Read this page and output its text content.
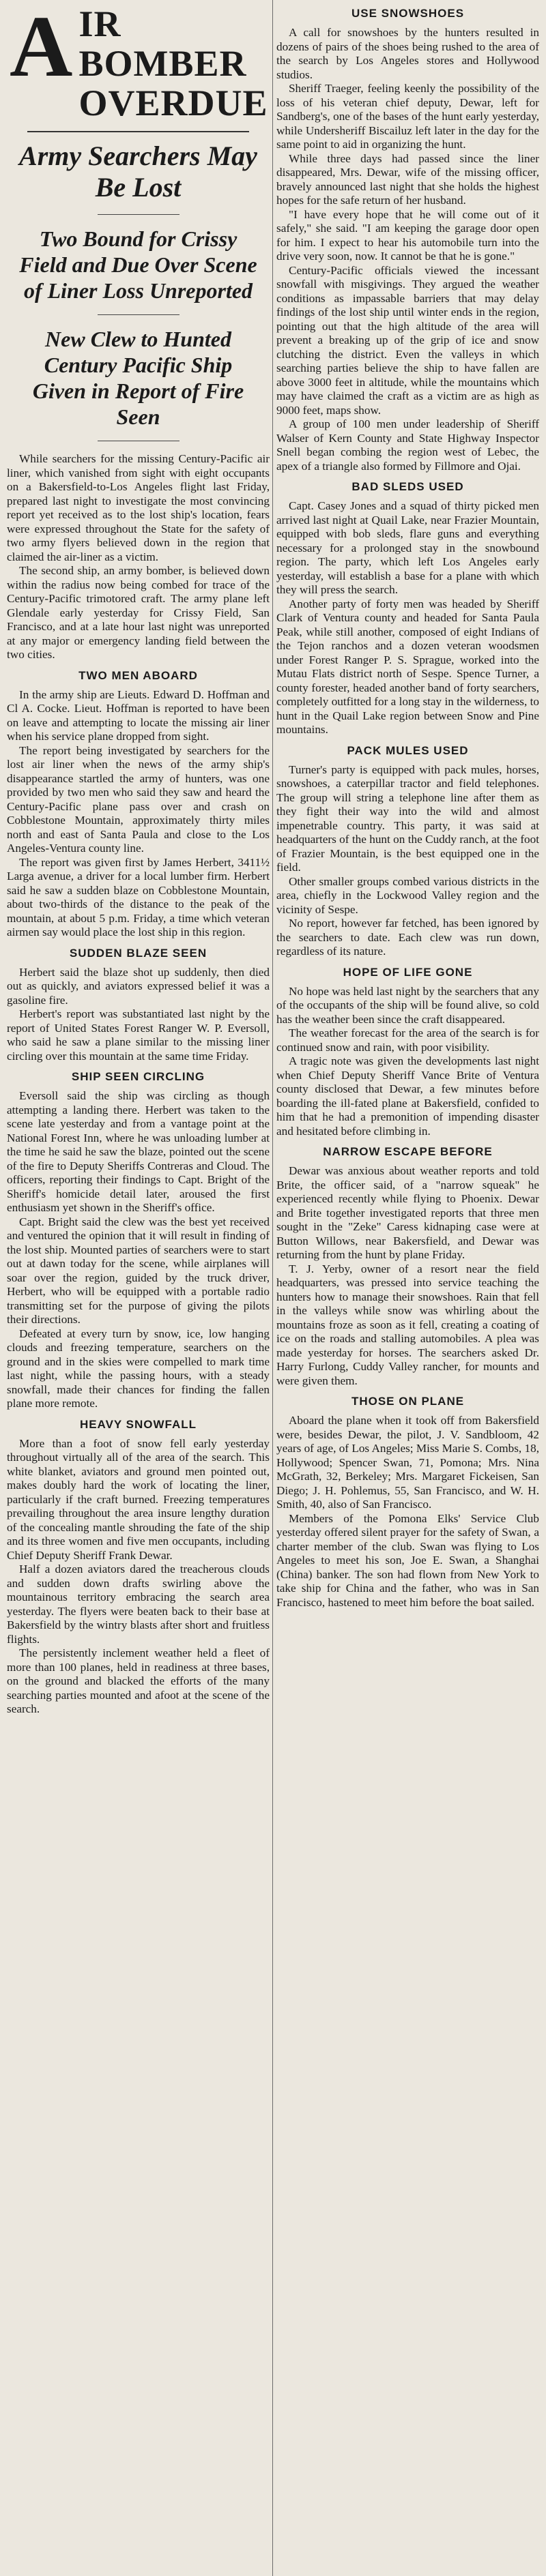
A IR BOMBER
OVERDUE
Army Searchers May Be Lost
Two Bound for Crissy Field and Due Over Scene of Liner Loss Unreported
New Clew to Hunted Century Pacific Ship Given in Report of Fire Seen

While searchers for the missing Century-Pacific air liner, which vanished from sight with eight occupants on a Bakersfield-to-Los Angeles flight last Friday, prepared last night to investigate the most convincing report yet received as to the lost ship's location, fears were expressed throughout the State for the safety of two army flyers believed down in the region that claimed the air-liner as a victim.

The second ship, an army bomber, is believed down within the radius now being combed for trace of the Century-Pacific trimotored craft. The army plane left Glendale early yesterday for Crissy Field, San Francisco, and at a late hour last night was unreported at any major or emergency landing field between the two cities.

TWO MEN ABOARD

In the army ship are Lieuts. Edward D. Hoffman and Cl A. Cocke. Lieut. Hoffman is reported to have been on leave and attempting to locate the missing air liner when his service plane dropped from sight.

The report being investigated by searchers for the lost air liner when the news of the army ship's disappearance startled the army of hunters, was one provided by two men who said they saw and heard the Century-Pacific plane pass over and crash on Cobblestone Mountain, approximately thirty miles north and east of Santa Paula and close to the Los Angeles-Ventura county line.

The report was given first by James Herbert, 3411½ Larga avenue, a driver for a local lumber firm. Herbert said he saw a sudden blaze on Cobblestone Mountain, about two-thirds of the distance to the peak of the mountain, at about 5 p.m. Friday, a time which veteran airmen say would place the lost ship in this region.

SUDDEN BLAZE SEEN

Herbert said the blaze shot up suddenly, then died out as quickly, and aviators expressed belief it was a gasoline fire.

Herbert's report was substantiated last night by the report of United States Forest Ranger W. P. Eversoll, who said he saw a plane similar to the missing liner circling over this mountain at the same time Friday.

SHIP SEEN CIRCLING

Eversoll said the ship was circling as though attempting a landing there. Herbert was taken to the scene late yesterday and from a vantage point at the National Forest Inn, where he was unloading lumber at the time he said he saw the blaze, pointed out the scene of the fire to Deputy Sheriffs Contreras and Cloud. The officers, reporting their findings to Capt. Bright of the Sheriff's homicide detail later, aroused the first enthusiasm yet shown in the Sheriff's office.

Capt. Bright said the clew was the best yet received and ventured the opinion that it will result in finding of the lost ship. Mounted parties of searchers were to start out at dawn today for the scene, while airplanes will soar over the region, guided by the truck driver, Herbert, who will be equipped with a portable radio transmitting set for the purpose of giving the pilots their directions.

Defeated at every turn by snow, ice, low hanging clouds and freezing temperature, searchers on the ground and in the skies were compelled to mark time last night, while the passing hours, with a steady snowfall, made their chances for finding the fallen plane more remote.

HEAVY SNOWFALL

More than a foot of snow fell early yesterday throughout virtually all of the area of the search. This white blanket, aviators and ground men pointed out, makes doubly hard the work of locating the liner, particularly if the craft burned. Freezing temperatures prevailing throughout the area insure lengthy duration of the concealing mantle shrouding the fate of the ship and its three women and five men occupants, including Chief Deputy Sheriff Frank Dewar.

Half a dozen aviators dared the treacherous clouds and sudden down drafts swirling above the mountainous territory embracing the search area yesterday. The flyers were beaten back to their base at Bakersfield by the wintry blasts after short and fruitless flights.

The persistently inclement weather held a fleet of more than 100 planes, held in readiness at three bases, on the ground and blacked the efforts of the many searching parties mounted and afoot at the scene of the search.

USE SNOWSHOES

A call for snowshoes by the hunters resulted in dozens of pairs of the shoes being rushed to the area of the search by Los Angeles stores and Hollywood studios.

Sheriff Traeger, feeling keenly the possibility of the loss of his veteran chief deputy, Dewar, left for Sandberg's, one of the bases of the hunt early yesterday, while Undersheriff Biscailuz left later in the day for the same point to aid in organizing the hunt.

While three days had passed since the liner disappeared, Mrs. Dewar, wife of the missing officer, bravely announced last night that she holds the highest hopes for the safe return of her husband.

"I have every hope that he will come out of it safely," she said. "I am keeping the garage door open for him. I expect to hear his automobile turn into the drive very soon, now. It cannot be that he is gone."

Century-Pacific officials viewed the incessant snowfall with misgivings. They argued the weather conditions as impassable barriers that may delay findings of the lost ship until winter ends in the region, pointing out that the high altitude of the area will prevent a breaking up of the grip of ice and snow clutching the district. Even the valleys in which searching parties believe the ship to have fallen are above 3000 feet in altitude, while the mountains which may have claimed the craft as a victim are as high as 9000 feet, maps show.

A group of 100 men under leadership of Sheriff Walser of Kern County and State Highway Inspector Snell began combing the region west of Lebec, the apex of a triangle also formed by Fillmore and Ojai.

BAD SLEDS USED

Capt. Casey Jones and a squad of thirty picked men arrived last night at Quail Lake, near Frazier Mountain, equipped with bob sleds, flare guns and everything necessary for a prolonged stay in the snowbound region. The party, which left Los Angeles early yesterday, will establish a base for a plane with which they will press the search.

Another party of forty men was headed by Sheriff Clark of Ventura county and headed for Santa Paula Peak, while still another, composed of eight Indians of the Tejon ranchos and a dozen veteran woodsmen under Forest Ranger P. S. Sprague, worked into the Mutau Flats district north of Sespe. Spence Turner, a county forester, headed another band of forty searchers, completely outfitted for a long stay in the wilderness, to hunt in the Quail Lake region between Snow and Pine mountains.

PACK MULES USED

Turner's party is equipped with pack mules, horses, snowshoes, a caterpillar tractor and field telephones. The group will string a telephone line after them as they fight their way into the wild and almost impenetrable country. This party, it was said at headquarters of the hunt on the Cuddy ranch, at the foot of Frazier Mountain, is the best equipped one in the field.

Other smaller groups combed various districts in the area, chiefly in the Lockwood Valley region and the vicinity of Sespe.

No report, however far fetched, has been ignored by the searchers to date. Each clew was run down, regardless of its nature.

HOPE OF LIFE GONE

No hope was held last night by the searchers that any of the occupants of the ship will be found alive, so cold has the weather been since the craft disappeared.

The weather forecast for the area of the search is for continued snow and rain, with poor visibility.

A tragic note was given the developments last night when Chief Deputy Sheriff Vance Brite of Ventura county disclosed that Dewar, a few minutes before boarding the ill-fated plane at Bakersfield, confided to him that he had a premonition of impending disaster and hesitated before climbing in.

NARROW ESCAPE BEFORE

Dewar was anxious about weather reports and told Brite, the officer said, of a "narrow squeak" he experienced recently while flying to Phoenix. Dewar and Brite together investigated reports that three men sought in the "Zeke" Caress kidnaping case were at Button Willows, near Bakersfield, and Dewar was returning from the hunt by plane Friday.

T. J. Yerby, owner of a resort near the field headquarters, was pressed into service teaching the hunters how to manage their snowshoes. Rain that fell in the valleys while snow was whirling about the mountains froze as soon as it fell, creating a coating of ice on the roads and stalling automobiles. A plea was made yesterday for horses. The searchers asked Dr. Harry Furlong, Cuddy Valley rancher, for mounts and were given them.

THOSE ON PLANE

Aboard the plane when it took off from Bakersfield were, besides Dewar, the pilot, J. V. Sandbloom, 42 years of age, of Los Angeles; Miss Marie S. Combs, 18, Hollywood; Spencer Swan, 71, Pomona; Mrs. Nina McGrath, 32, Berkeley; Mrs. Margaret Fickeisen, San Diego; J. H. Pohlemus, 55, San Francisco, and W. H. Smith, 40, also of San Francisco.

Members of the Pomona Elks' Service Club yesterday offered silent prayer for the safety of Swan, a charter member of the club. Swan was flying to Los Angeles to meet his son, Joe E. Swan, a Shanghai (China) banker. The son had flown from New York to take ship for China and the father, who was in San Francisco, hastened to meet him before the boat sailed.
